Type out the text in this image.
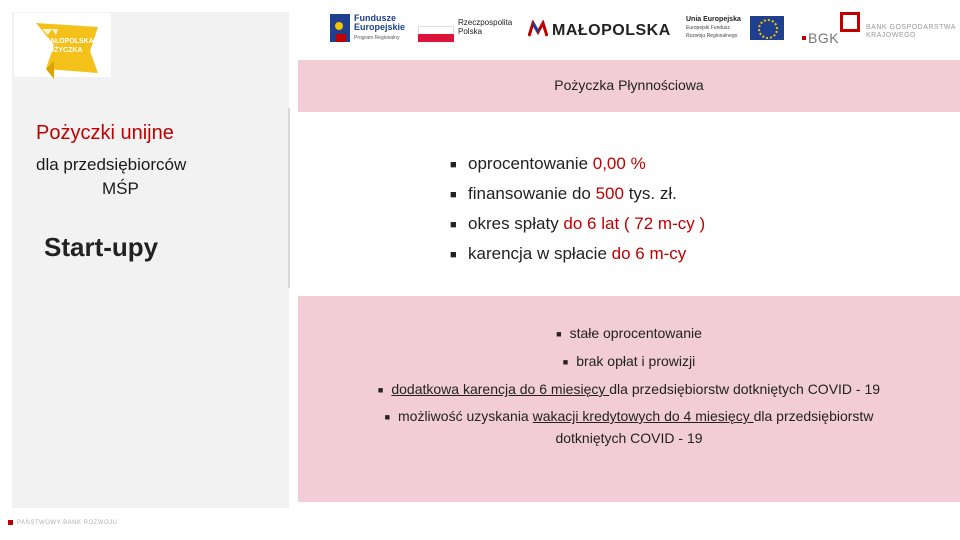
MAŁOPOLSKA
POŻYCZKA
Pożyczki unijne
dla przedsiębiorców
MŚP
Start-upy
PAŃSTWOWY BANK ROZWOJU
Fundusze
Europejskie
Program Regionalny
Rzeczpospolita
Polska	MAŁOPOLSKA
Unia Europejska
Europejski Fundusz
Rozwoju Regionalnego	BGK
BANK GOSPODARSTWA
KRAJOWEGO
Pożyczka Płynnościowa
■ oprocentowanie 0,00 %
■ finansowanie do 500 tys. zł.
■ okres spłaty do 6 lat ( 72 m-cy )
■ karencja w spłacie do 6 m-cy
■ stałe oprocentowanie
■ brak opłat i prowizji
■ dodatkowa karencja do 6 miesięcy dla przedsiębiorstw dotkniętych COVID - 19
■ możliwość uzyskania wakacji kredytowych do 4 miesięcy dla przedsiębiorstw
dotkniętych COVID - 19
